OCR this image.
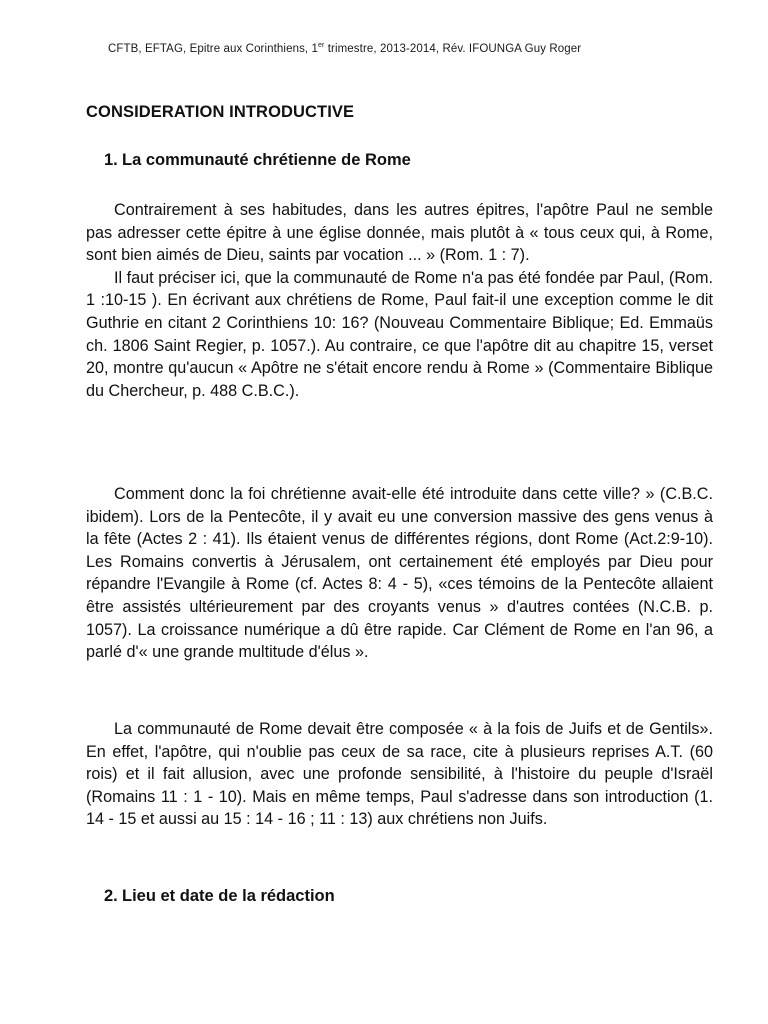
CFTB, EFTAG, Epitre aux Corinthiens, 1er trimestre, 2013-2014, Rév. IFOUNGA Guy Roger
CONSIDERATION INTRODUCTIVE
1. La communauté chrétienne de Rome

Contrairement à ses habitudes, dans les autres épitres, l'apôtre Paul ne semble pas adresser cette épitre à une église donnée, mais plutôt à « tous ceux qui, à Rome, sont bien aimés de Dieu, saints par vocation ... » (Rom. 1 : 7).

Il faut préciser ici, que la communauté de Rome n'a pas été fondée par Paul, (Rom. 1 :10-15 ). En écrivant aux chrétiens de Rome, Paul fait-il une exception comme le dit Guthrie en citant 2 Corinthiens 10: 16? (Nouveau Commentaire Biblique; Ed. Emmaüs ch. 1806 Saint Regier, p. 1057.). Au contraire, ce que l'apôtre dit au chapitre 15, verset 20, montre qu'aucun « Apôtre ne s'était encore rendu à Rome » (Commentaire Biblique du Chercheur, p. 488 C.B.C.).

Comment donc la foi chrétienne avait-elle été introduite dans cette ville? » (C.B.C. ibidem). Lors de la Pentecôte, il y avait eu une conversion massive des gens venus à la fête (Actes 2 : 41). Ils étaient venus de différentes régions, dont Rome (Act.2:9-10). Les Romains convertis à Jérusalem, ont certainement été employés par Dieu pour répandre l'Evangile à Rome (cf. Actes 8: 4 - 5), «ces témoins de la Pentecôte allaient être assistés ultérieurement par des croyants venus » d'autres contées (N.C.B. p. 1057). La croissance numérique a dû être rapide. Car Clément de Rome en l'an 96, a parlé d'« une grande multitude d'élus ».

La communauté de Rome devait être composée « à la fois de Juifs et de Gentils». En effet, l'apôtre, qui n'oublie pas ceux de sa race, cite à plusieurs reprises A.T. (60 rois) et il fait allusion, avec une profonde sensibilité, à l'histoire du peuple d'Israël (Romains 11 : 1 - 10). Mais en même temps, Paul s'adresse dans son introduction (1. 14 - 15 et aussi au 15 : 14 - 16 ; 11 : 13) aux chrétiens non Juifs.

2. Lieu et date de la rédaction
